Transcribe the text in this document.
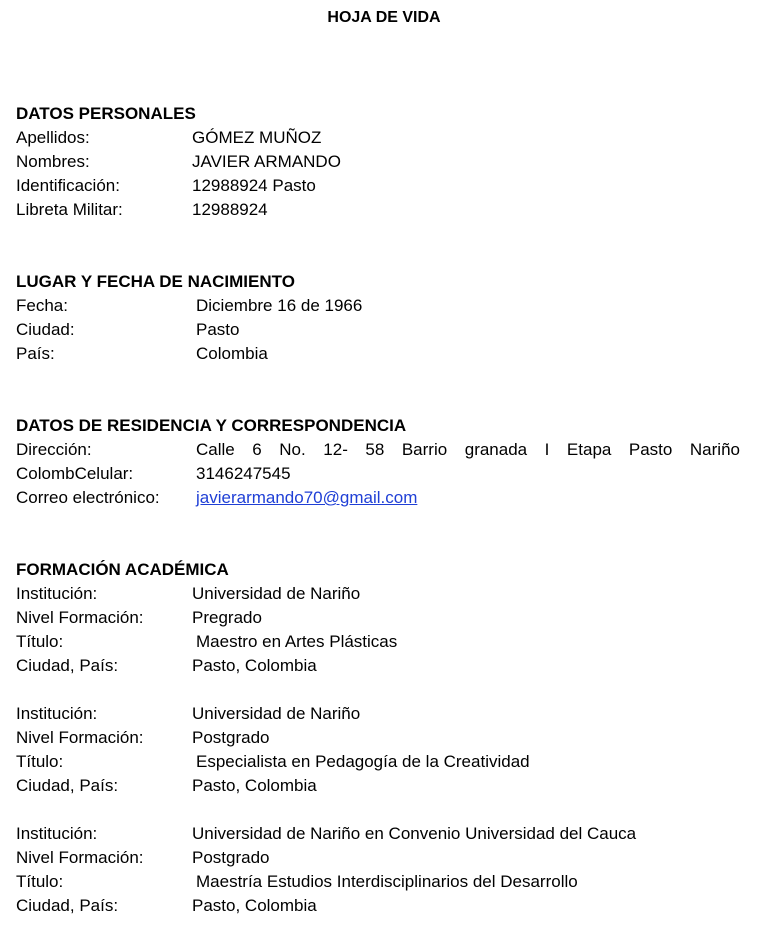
HOJA DE VIDA
DATOS PERSONALES
Apellidos:	GÓMEZ MUÑOZ
Nombres:	JAVIER ARMANDO
Identificación:	12988924 Pasto
Libreta Militar:	12988924
LUGAR Y FECHA DE NACIMIENTO
Fecha:	Diciembre 16 de 1966
Ciudad:	Pasto
País:	Colombia
DATOS DE RESIDENCIA Y CORRESPONDENCIA
Dirección:	Calle 6 No. 12- 58 Barrio granada I Etapa Pasto Nariño
ColombCelular:	3146247545
Correo electrónico: javierarmando70@gmail.com
FORMACIÓN ACADÉMICA
Institución:	Universidad de Nariño
Nivel Formación:	Pregrado
Título:	Maestro en Artes Plásticas
Ciudad, País:	Pasto, Colombia
Institución:	Universidad de Nariño
Nivel Formación:	Postgrado
Título:	Especialista en Pedagogía de la Creatividad
Ciudad, País:	Pasto, Colombia
Institución:	Universidad de Nariño en Convenio Universidad del Cauca
Nivel Formación:	Postgrado
Título:	Maestría Estudios Interdisciplinarios del Desarrollo
Ciudad, País:	Pasto, Colombia
